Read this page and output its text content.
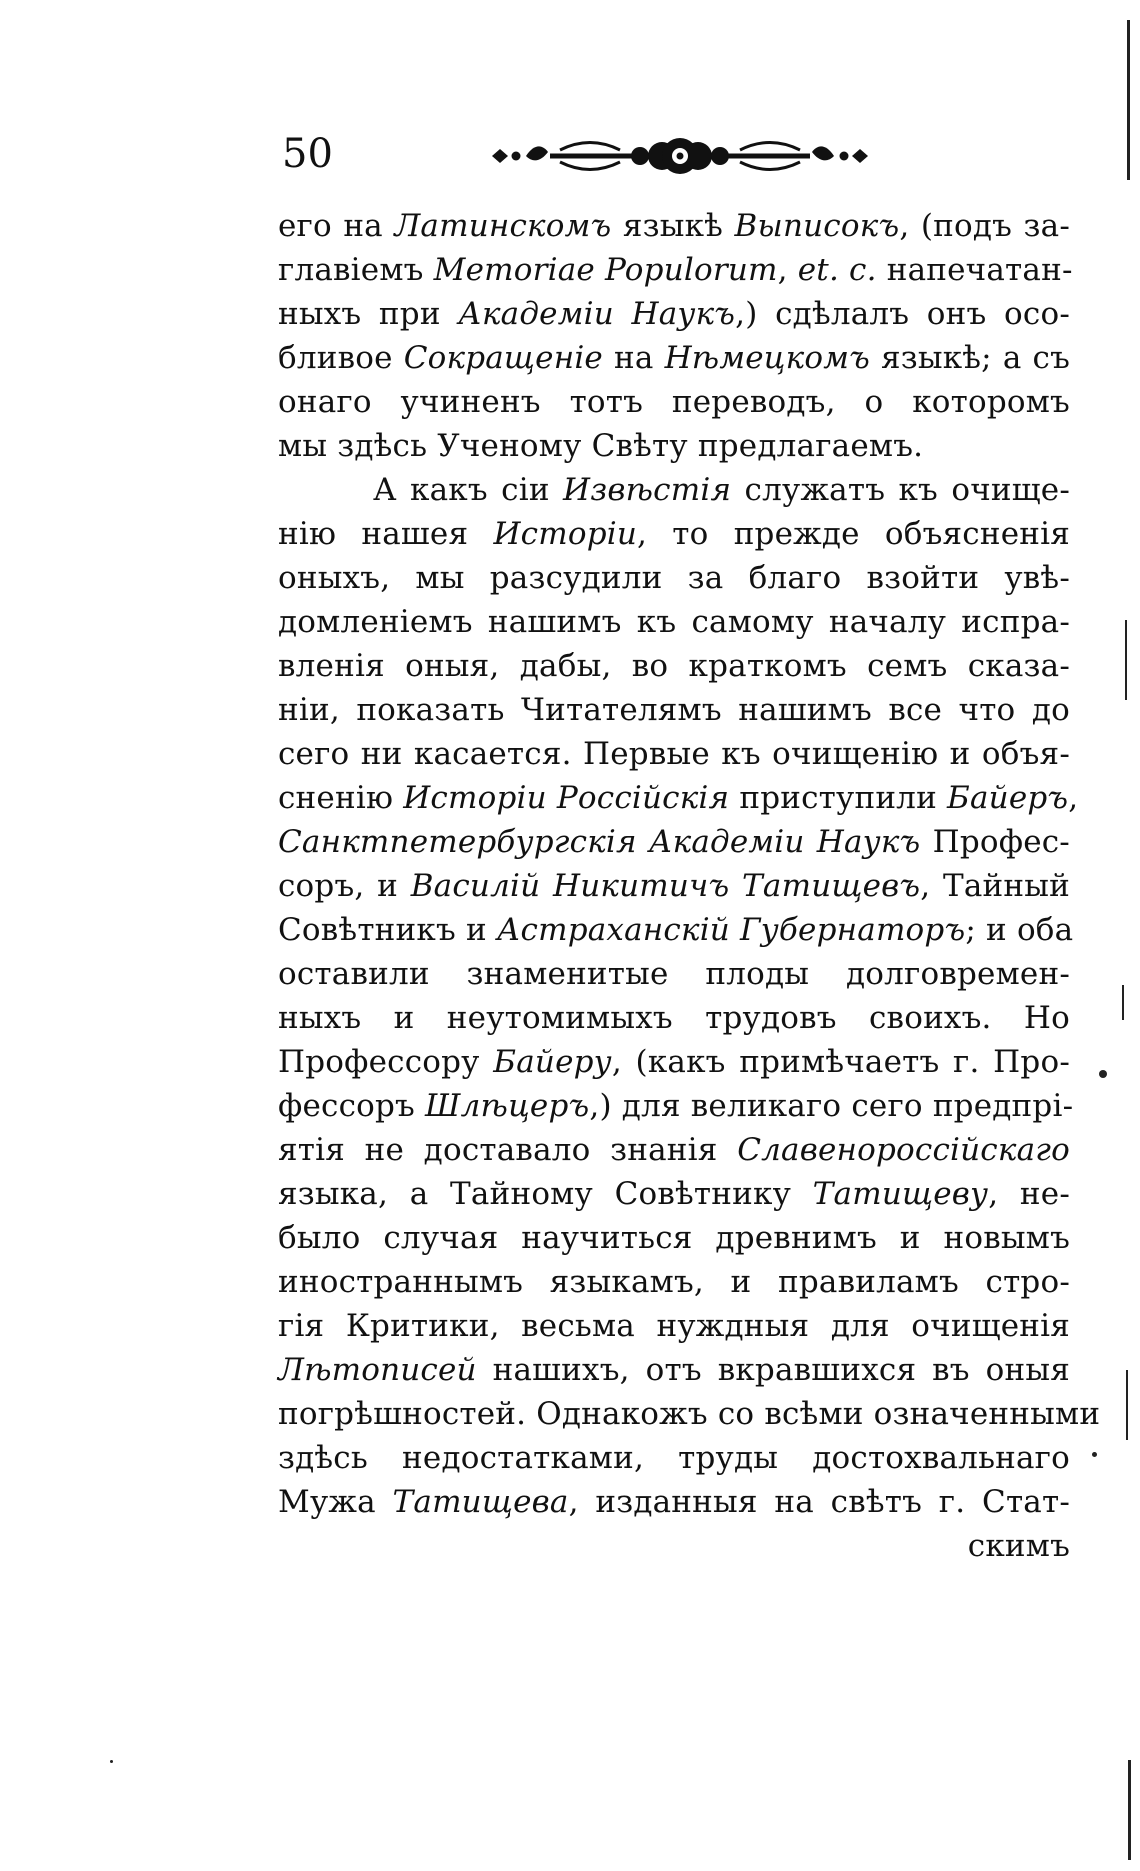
50
его на Латинскомъ языкѣ Выписокъ, (подъ за-
главіемъ Memoriae Populorum, et. c. напечатан-
ныхъ при Академіи Наукъ,) сдѣлалъ онъ осо-
бливое Сокращеніе на Нѣмецкомъ языкѣ; а съ
онаго учиненъ тотъ переводъ, о которомъ
мы здѣсь Ученому Свѣту предлагаемъ.
А какъ сіи Извѣстія служатъ къ очище-
нію нашея Исторіи, то прежде объясненія
оныхъ, мы разсудили за благо взойти увѣ-
домленіемъ нашимъ къ самому началу испра-
вленія оныя, дабы, во краткомъ семъ сказа-
ніи, показать Читателямъ нашимъ все что до
сего ни касается. Первые къ очищенію и объя-
сненію Исторіи Россійскія приступили Байеръ,
Санктпетербургскія Академіи Наукъ Профес-
соръ, и Василій Никитичъ Татищевъ, Тайный
Совѣтникъ и Астраханскій Губернаторъ; и оба
оставили знаменитые плоды долговремен-
ныхъ и неутомимыхъ трудовъ своихъ. Но
Профессору Байеру, (какъ примѣчаетъ г. Про-
фессоръ Шлѣцеръ,) для великаго сего предпрі-
ятія не доставало знанія Славенороссійскаго
языка, а Тайному Совѣтнику Татищеву, не-
было случая научиться древнимъ и новымъ
иностраннымъ языкамъ, и правиламъ стро-
гія Критики, весьма нуждныя для очищенія
Лѣтописей нашихъ, отъ вкравшихся въ оныя
погрѣшностей. Однакожъ со всѣми означенными
здѣсь недостатками, труды достохвальнаго
Мужа Татищева, изданныя на свѣтъ г. Стат-
скимъ
